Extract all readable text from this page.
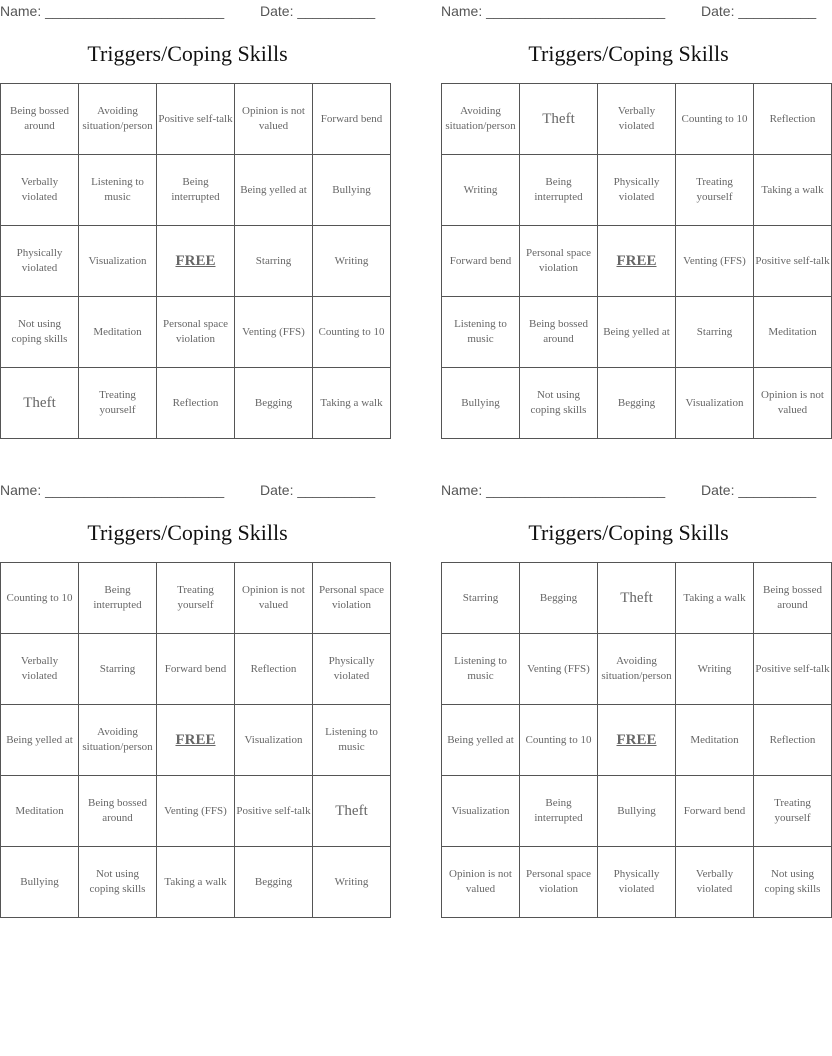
Name: _______________________	Date: __________
Triggers/Coping Skills
Being bossed around	Avoiding situation/person	Positive self-talk	Opinion is not valued	Forward bend
Verbally violated	Listening to music	Being interrupted	Being yelled at	Bullying
Physically violated	Visualization	FREE	Starring	Writing
Not using coping skills	Meditation	Personal space violation	Venting (FFS)	Counting to 10
Theft	Treating yourself	Reflection	Begging	Taking a walk
Name: _______________________	Date: __________
Triggers/Coping Skills
Avoiding situation/person	Theft	Verbally violated	Counting to 10	Reflection
Writing	Being interrupted	Physically violated	Treating yourself	Taking a walk
Forward bend	Personal space violation	FREE	Venting (FFS)	Positive self-talk
Listening to music	Being bossed around	Being yelled at	Starring	Meditation
Bullying	Not using coping skills	Begging	Visualization	Opinion is not valued
Name: _______________________	Date: __________
Triggers/Coping Skills
Counting to 10	Being interrupted	Treating yourself	Opinion is not valued	Personal space violation
Verbally violated	Starring	Forward bend	Reflection	Physically violated
Being yelled at	Avoiding situation/person	FREE	Visualization	Listening to music
Meditation	Being bossed around	Venting (FFS)	Positive self-talk	Theft
Bullying	Not using coping skills	Taking a walk	Begging	Writing
Name: _______________________	Date: __________
Triggers/Coping Skills
Starring	Begging	Theft	Taking a walk	Being bossed around
Listening to music	Venting (FFS)	Avoiding situation/person	Writing	Positive self-talk
Being yelled at	Counting to 10	FREE	Meditation	Reflection
Visualization	Being interrupted	Bullying	Forward bend	Treating yourself
Opinion is not valued	Personal space violation	Physically violated	Verbally violated	Not using coping skills
